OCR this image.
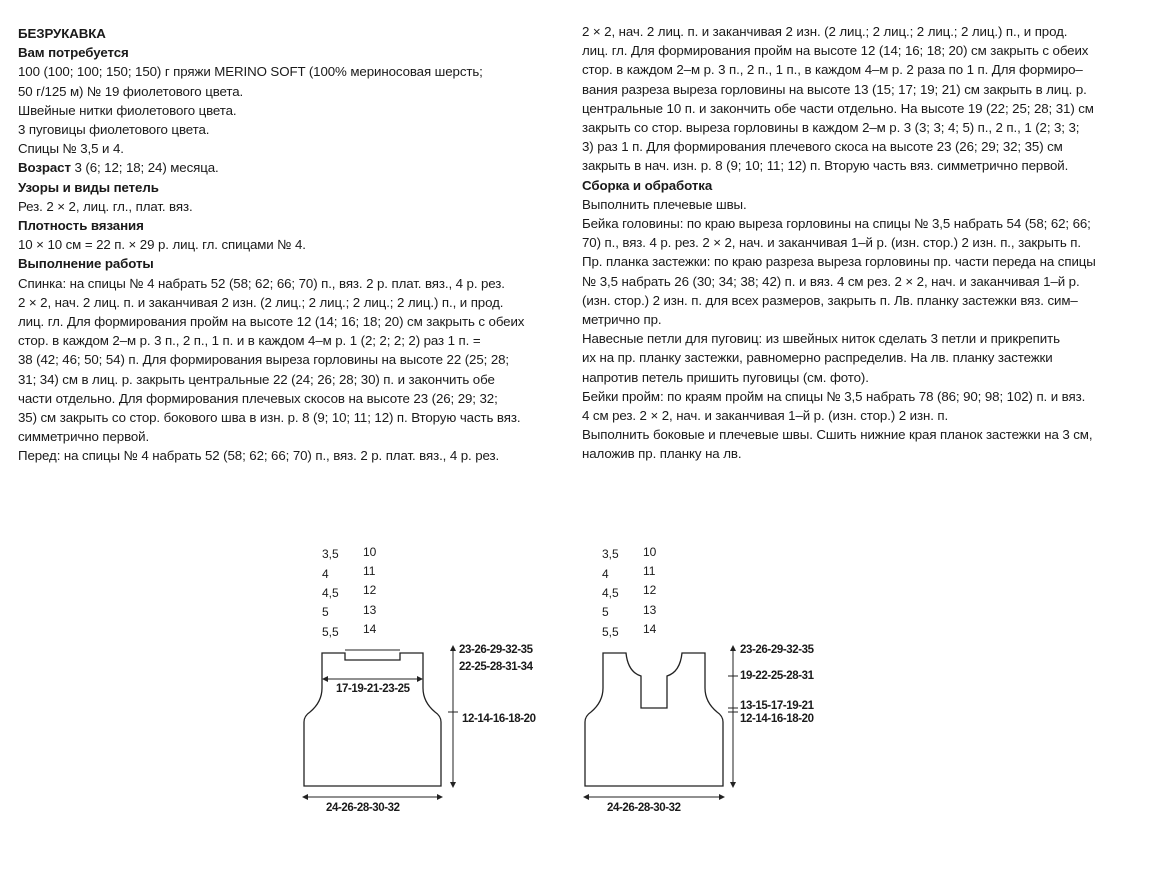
БЕЗРУКАВКА
Вам потребуется
100 (100; 100; 150; 150) г пряжи MERINO SOFT (100% мериносовая шерсть;
50 г/125 м) № 19 фиолетового цвета.
Швейные нитки фиолетового цвета.
3 пуговицы фиолетового цвета.
Спицы № 3,5 и 4.
Возраст 3 (6; 12; 18; 24) месяца.
Узоры и виды петель
Рез. 2 × 2, лиц. гл., плат. вяз.
Плотность вязания
10 × 10 см = 22 п. × 29 р. лиц. гл. спицами № 4.
Выполнение работы
Спинка: на спицы № 4 набрать 52 (58; 62; 66; 70) п., вяз. 2 р. плат. вяз., 4 р. рез.
2 × 2, нач. 2 лиц. п. и заканчивая 2 изн. (2 лиц.; 2 лиц.; 2 лиц.; 2 лиц.) п., и прод.
лиц. гл. Для формирования пройм на высоте 12 (14; 16; 18; 20) см закрыть с обеих
стор. в каждом 2–м р. 3 п., 2 п., 1 п. и в каждом 4–м р. 1 (2; 2; 2; 2) раз 1 п. =
38 (42; 46; 50; 54) п. Для формирования выреза горловины на высоте 22 (25; 28;
31; 34) см в лиц. р. закрыть центральные 22 (24; 26; 28; 30) п. и закончить обе
части отдельно. Для формирования плечевых скосов на высоте 23 (26; 29; 32;
35) см закрыть со стор. бокового шва в изн. р. 8 (9; 10; 11; 12) п. Вторую часть вяз.
симметрично первой.
Перед: на спицы № 4 набрать 52 (58; 62; 66; 70) п., вяз. 2 р. плат. вяз., 4 р. рез.
2 × 2, нач. 2 лиц. п. и заканчивая 2 изн. (2 лиц.; 2 лиц.; 2 лиц.; 2 лиц.) п., и прод.
лиц. гл. Для формирования пройм на высоте 12 (14; 16; 18; 20) см закрыть с обеих
стор. в каждом 2–м р. 3 п., 2 п., 1 п., в каждом 4–м р. 2 раза по 1 п. Для формиро–
вания разреза выреза горловины на высоте 13 (15; 17; 19; 21) см закрыть в лиц. р.
центральные 10 п. и закончить обе части отдельно. На высоте 19 (22; 25; 28; 31) см
закрыть со стор. выреза горловины в каждом 2–м р. 3 (3; 3; 4; 5) п., 2 п., 1 (2; 3; 3;
3) раз 1 п. Для формирования плечевого скоса на высоте 23 (26; 29; 32; 35) см
закрыть в нач. изн. р. 8 (9; 10; 11; 12) п. Вторую часть вяз. симметрично первой.
Сборка и обработка
Выполнить плечевые швы.
Бейка головины: по краю выреза горловины на спицы № 3,5 набрать 54 (58; 62; 66;
70) п., вяз. 4 р. рез. 2 × 2, нач. и заканчивая 1–й р. (изн. стор.) 2 изн. п., закрыть п.
Пр. планка застежки: по краю разреза выреза горловины пр. части переда на спицы
№ 3,5 набрать 26 (30; 34; 38; 42) п. и вяз. 4 см рез. 2 × 2, нач. и заканчивая 1–й р.
(изн. стор.) 2 изн. п. для всех размеров, закрыть п. Лв. планку застежки вяз. сим–
метрично пр.
Навесные петли для пуговиц: из швейных ниток сделать 3 петли и прикрепить
их на пр. планку застежки, равномерно распределив. На лв. планку застежки
напротив петель пришить пуговицы (см. фото).
Бейки пройм: по краям пройм на спицы № 3,5 набрать 78 (86; 90; 98; 102) п. и вяз.
4 см рез. 2 × 2, нач. и заканчивая 1–й р. (изн. стор.) 2 изн. п.
Выполнить боковые и плечевые швы. Сшить нижние края планок застежки на 3 см,
наложив пр. планку на лв.
3,5
4
4,5
5
5,5
10
11
12
13
14
23-26-29-32-35
22-25-28-31-34
17-19-21-23-25
12-14-16-18-20
24-26-28-30-32
3,5
4
4,5
5
5,5
10
11
12
13
14
23-26-29-32-35
19-22-25-28-31
13-15-17-19-21
12-14-16-18-20
24-26-28-30-32
